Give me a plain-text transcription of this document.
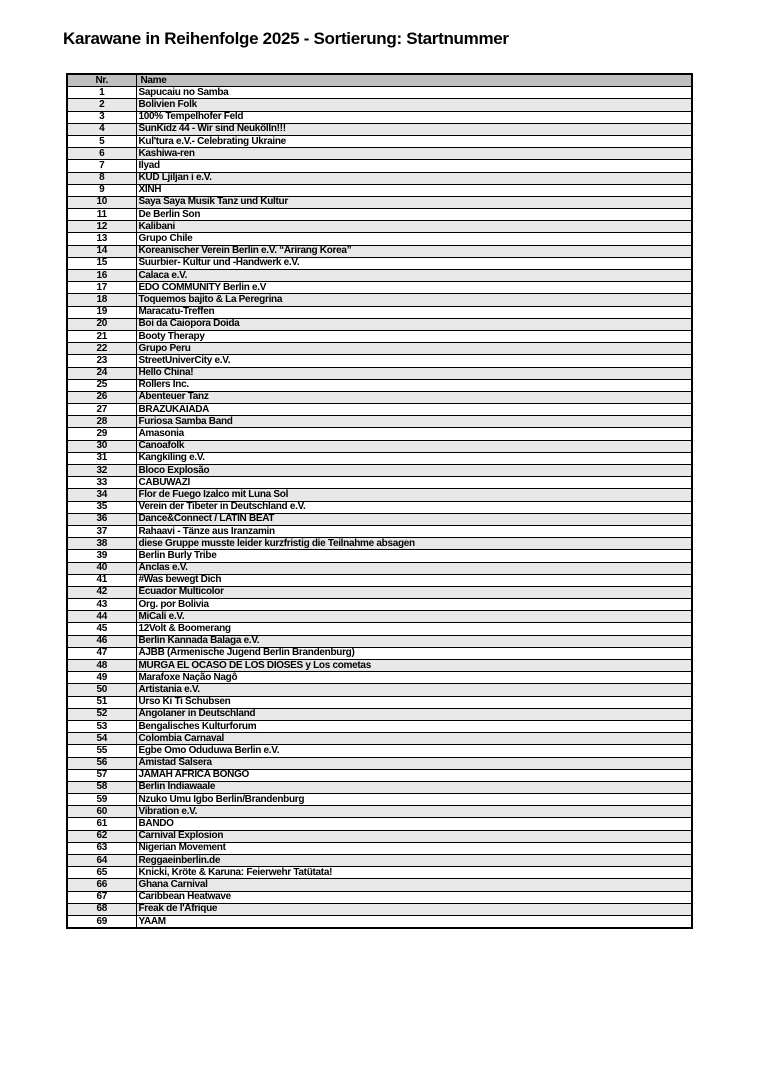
Karawane in Reihenfolge 2025 - Sortierung: Startnummer
Nr.	Name
1	Sapucaiu no Samba
2	Bolivien Folk
3	100% Tempelhofer Feld
4	SunKidz 44 - Wir sind Neukölln!!!
5	Kul'tura e.V.- Celebrating Ukraine
6	Kashiwa-ren
7	Ilyad
8	KUD Ljiljan i e.V.
9	XINH
10	Saya Saya Musik Tanz und Kultur
11	De Berlin Son
12	Kalibani
13	Grupo Chile
14	Koreanischer Verein Berlin e.V. “Arirang Korea”
15	Suurbier- Kultur und -Handwerk e.V.
16	Calaca e.V.
17	EDO COMMUNITY Berlin e.V
18	Toquemos bajito & La Peregrina
19	Maracatu-Treffen
20	Boi da Caiopora Doida
21	Booty Therapy
22	Grupo Peru
23	StreetUniverCity e.V.
24	Hello China!
25	Rollers Inc.
26	Abenteuer Tanz
27	BRAZUKAIADA
28	Furiosa Samba Band
29	Amasonia
30	Canoafolk
31	Kangkiling e.V.
32	Bloco Explosão
33	CABUWAZI
34	Flor de Fuego Izalco mit Luna Sol
35	Verein der Tibeter in Deutschland e.V.
36	Dance&Connect / LATIN BEAT
37	Rahaavi - Tänze aus Iranzamin
38	diese Gruppe musste leider kurzfristig die Teilnahme absagen
39	Berlin Burly Tribe
40	Anclas e.V.
41	#Was bewegt Dich
42	Ecuador Multicolor
43	Org. por Bolivia
44	MiCali e.V.
45	12Volt & Boomerang
46	Berlin Kannada Balaga e.V.
47	AJBB (Armenische Jugend Berlin Brandenburg)
48	MURGA EL OCASO DE LOS DIOSES y Los cometas
49	Marafoxe Nação Nagô
50	Artistania e.V.
51	Urso Ki Ti Schubsen
52	Angolaner in Deutschland
53	Bengalisches Kulturforum
54	Colombia Carnaval
55	Egbe Omo Oduduwa Berlin e.V.
56	Amistad Salsera
57	JAMAH AFRICA BONGO
58	Berlin Indiawaale
59	Nzuko Umu Igbo Berlin/Brandenburg
60	Vibration e.V.
61	BANDO
62	Carnival Explosion
63	Nigerian Movement
64	Reggaeinberlin.de
65	Knicki, Kröte & Karuna: Feierwehr Tatütata!
66	Ghana Carnival
67	Caribbean Heatwave
68	Freak de l'Afrique
69	YAAM
